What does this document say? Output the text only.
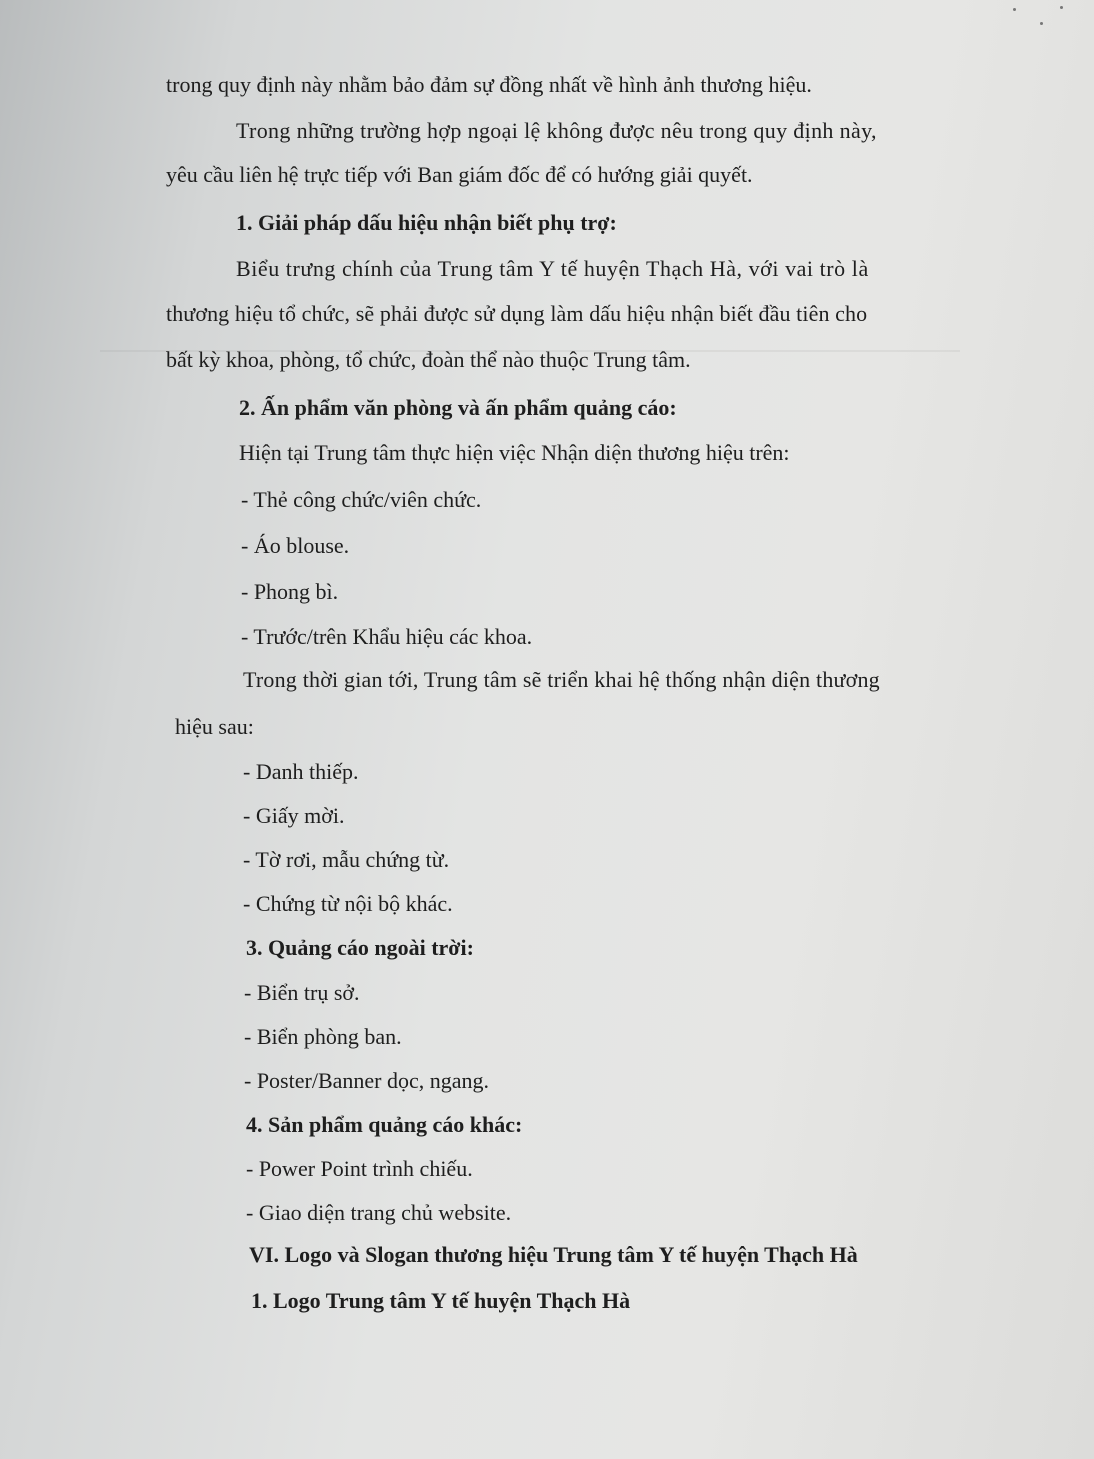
trong quy định này nhằm bảo đảm sự đồng nhất về hình ảnh thương hiệu.
Trong những trường hợp ngoại lệ không được nêu trong quy định này,
yêu cầu liên hệ trực tiếp với Ban giám đốc để có hướng giải quyết.
1. Giải pháp dấu hiệu nhận biết phụ trợ:
Biểu trưng chính của Trung tâm Y tế huyện Thạch Hà, với vai trò là
thương hiệu tổ chức, sẽ phải được sử dụng làm dấu hiệu nhận biết đầu tiên cho
bất kỳ khoa, phòng, tổ chức, đoàn thể nào thuộc Trung tâm.
2. Ấn phẩm văn phòng và ấn phẩm quảng cáo:
Hiện tại Trung tâm thực hiện việc Nhận diện thương hiệu trên:
- Thẻ công chức/viên chức.
- Áo blouse.
- Phong bì.
- Trước/trên Khẩu hiệu các khoa.
Trong thời gian tới, Trung tâm sẽ triển khai hệ thống nhận diện thương
hiệu sau:
- Danh thiếp.
- Giấy mời.
- Tờ rơi, mẫu chứng từ.
- Chứng từ nội bộ khác.
3. Quảng cáo ngoài trời:
- Biển trụ sở.
- Biển phòng ban.
- Poster/Banner dọc, ngang.
4. Sản phẩm quảng cáo khác:
- Power Point trình chiếu.
- Giao diện trang chủ website.
VI. Logo và Slogan thương hiệu Trung tâm Y tế huyện Thạch Hà
1. Logo Trung tâm Y tế huyện Thạch Hà
